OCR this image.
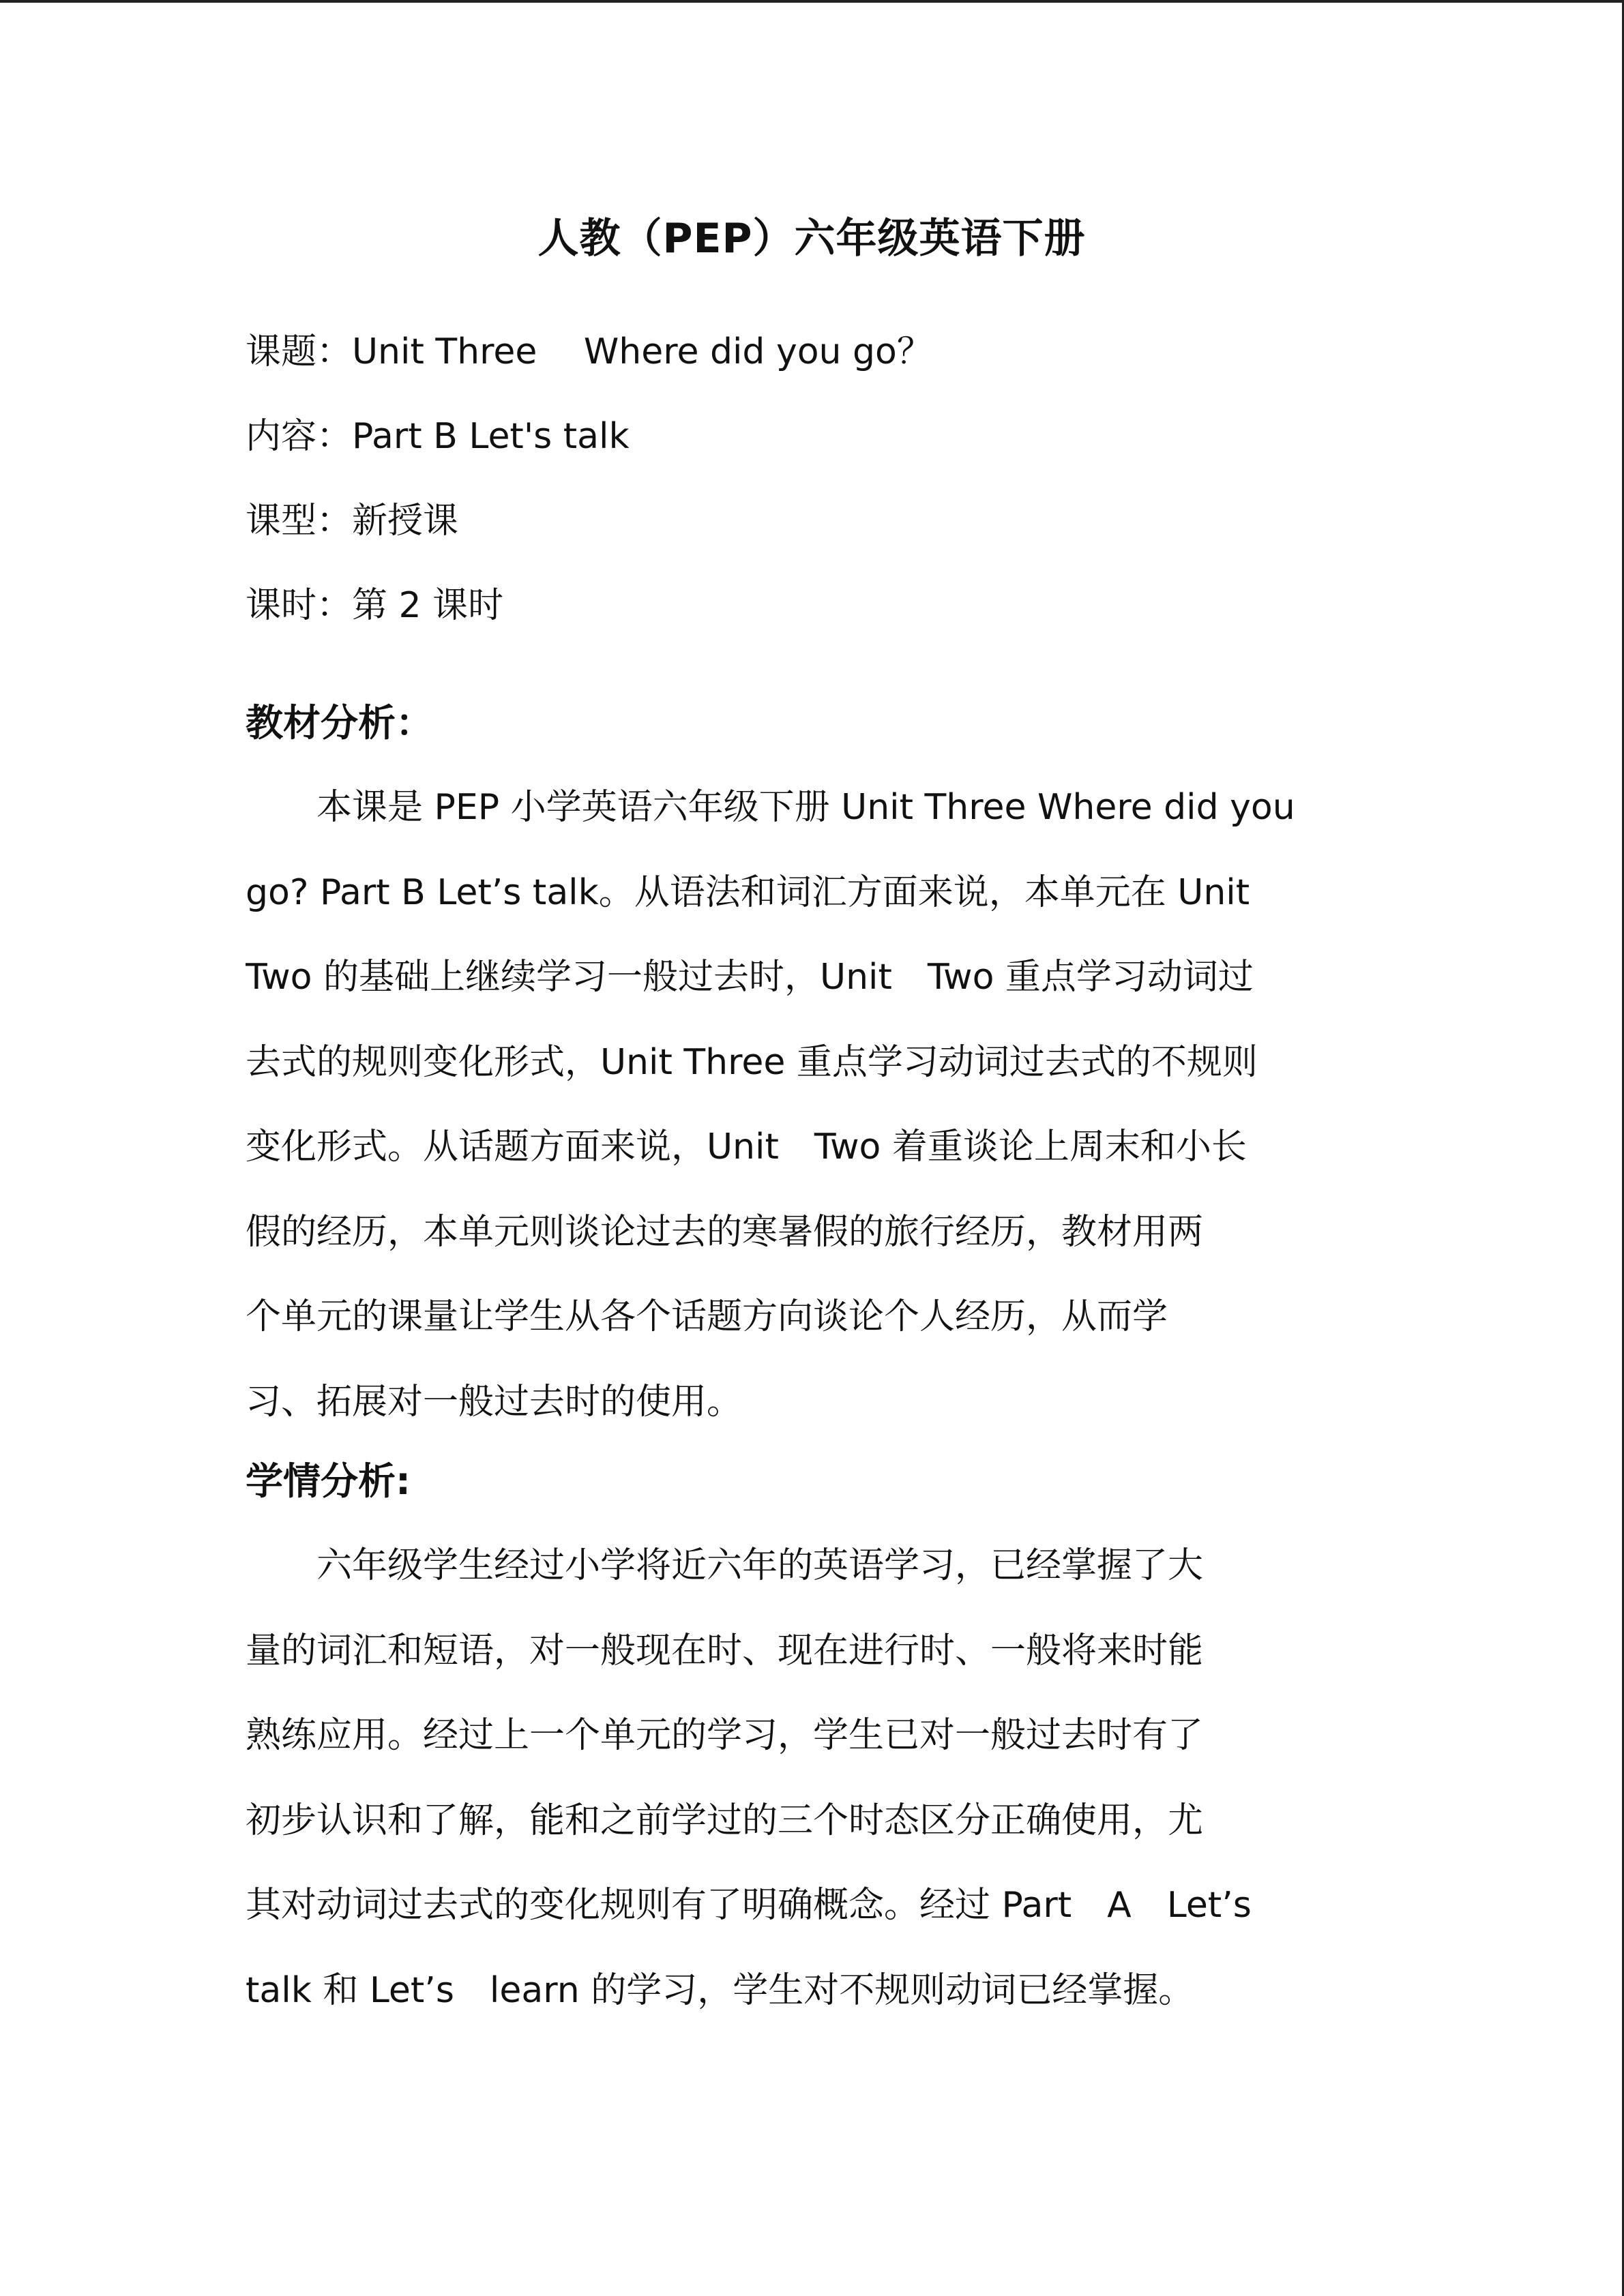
人教（PEP）六年级英语下册
课题：Unit Three　 Where did you go？
内容：Part B Let's talk
课型：新授课
课时：第 2 课时
教材分析：
　　本课是 PEP 小学英语六年级下册 Unit Three Where did you
go? Part B Let’s talk。从语法和词汇方面来说，本单元在 Unit
Two 的基础上继续学习一般过去时，Unit　Two 重点学习动词过
去式的规则变化形式，Unit Three 重点学习动词过去式的不规则
变化形式。从话题方面来说，Unit　Two 着重谈论上周末和小长
假的经历，本单元则谈论过去的寒暑假的旅行经历，教材用两
个单元的课量让学生从各个话题方向谈论个人经历，从而学
习、拓展对一般过去时的使用。
学情分析:
　　六年级学生经过小学将近六年的英语学习，已经掌握了大
量的词汇和短语，对一般现在时、现在进行时、一般将来时能
熟练应用。经过上一个单元的学习，学生已对一般过去时有了
初步认识和了解，能和之前学过的三个时态区分正确使用，尤
其对动词过去式的变化规则有了明确概念。经过 Part　A　Let’s
talk 和 Let’s　learn 的学习，学生对不规则动词已经掌握。
